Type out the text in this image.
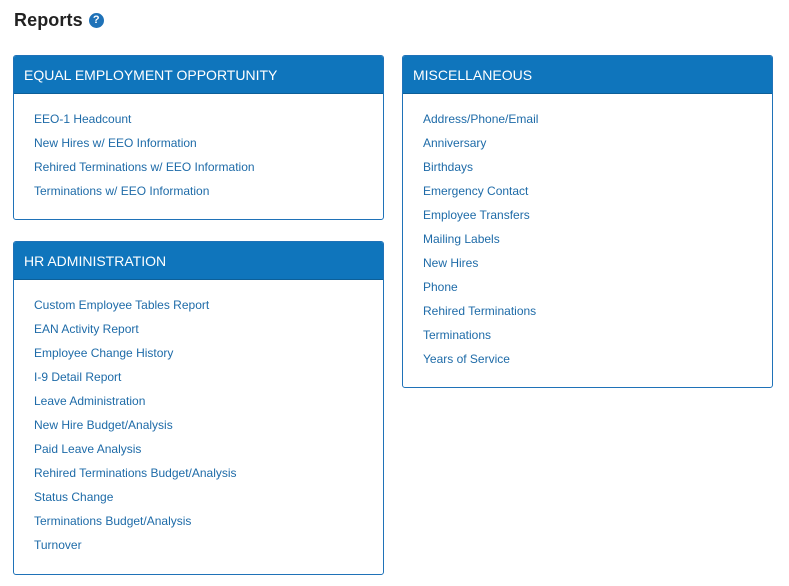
Reports ?
EQUAL EMPLOYMENT OPPORTUNITY
EEO-1 Headcount
New Hires w/ EEO Information
Rehired Terminations w/ EEO Information
Terminations w/ EEO Information
HR ADMINISTRATION
Custom Employee Tables Report
EAN Activity Report
Employee Change History
I-9 Detail Report
Leave Administration
New Hire Budget/Analysis
Paid Leave Analysis
Rehired Terminations Budget/Analysis
Status Change
Terminations Budget/Analysis
Turnover
MISCELLANEOUS
Address/Phone/Email
Anniversary
Birthdays
Emergency Contact
Employee Transfers
Mailing Labels
New Hires
Phone
Rehired Terminations
Terminations
Years of Service
